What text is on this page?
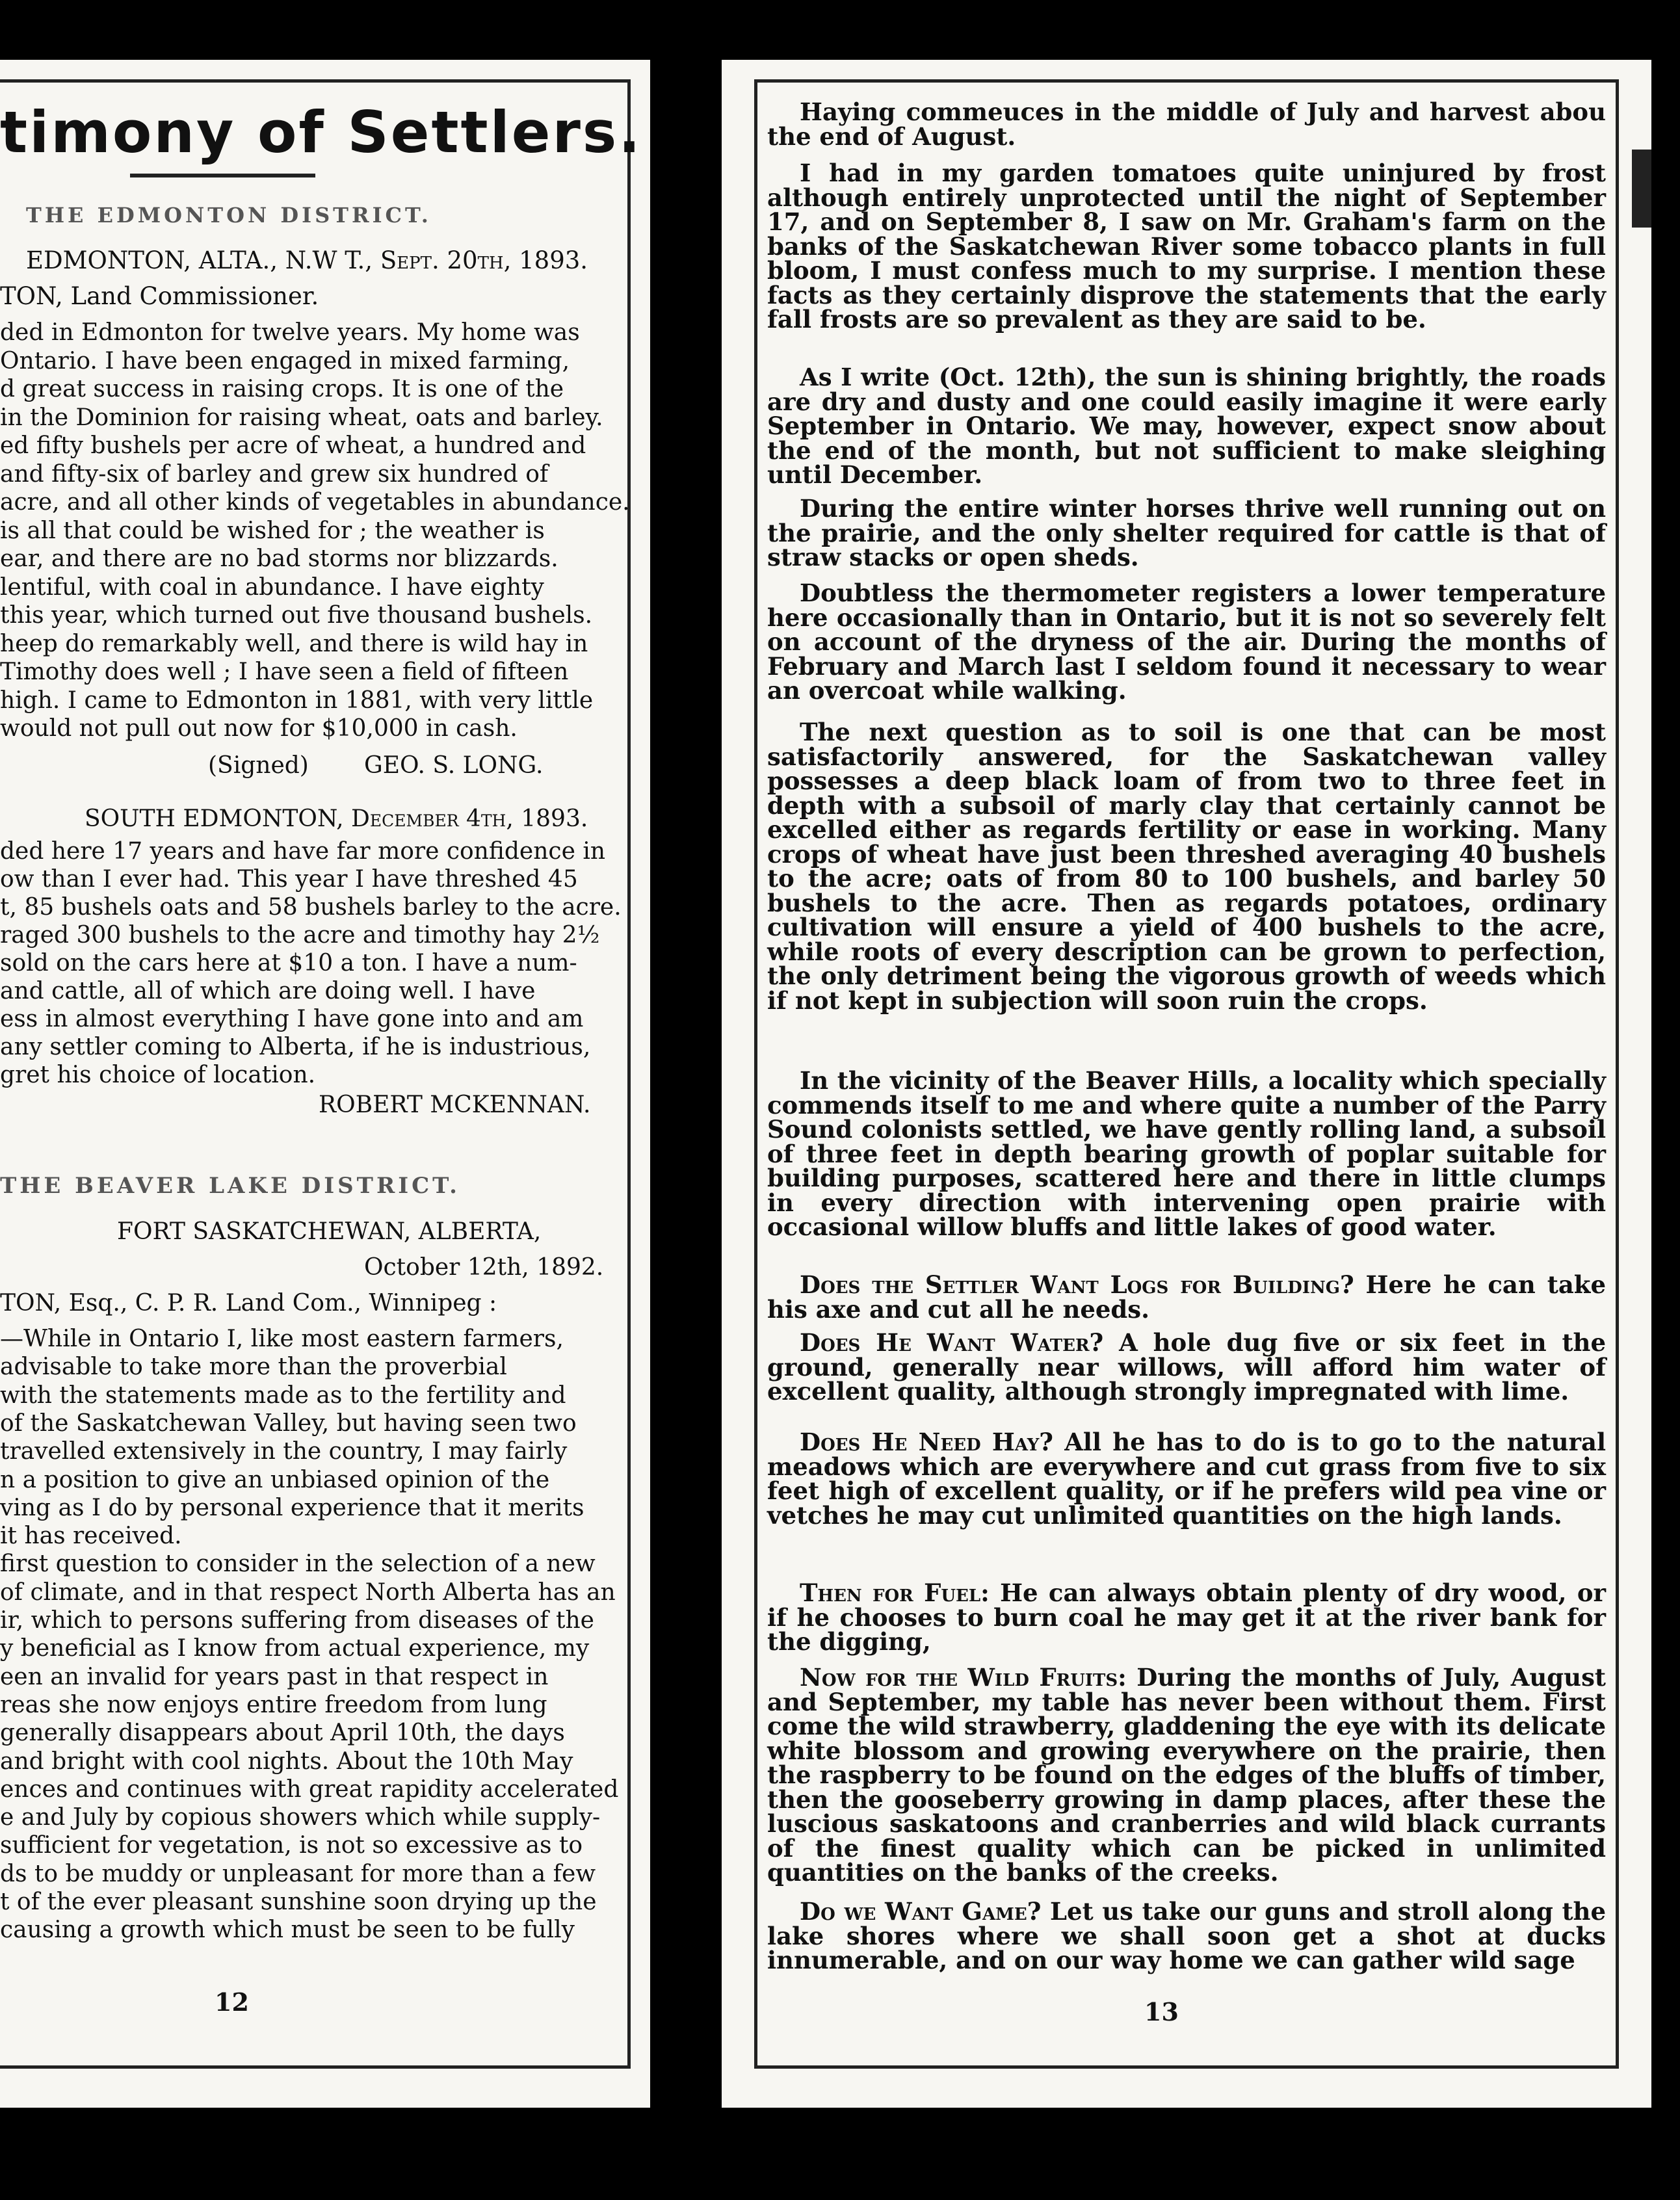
timony of Settlers.
THE EDMONTON DISTRICT.
EDMONTON, ALTA., N.W T., Sept. 20th, 1893.
TON, Land Commissioner.
ded in Edmonton for twelve years. My home was
Ontario. I have been engaged in mixed farming,
d great success in raising crops. It is one of the
in the Dominion for raising wheat, oats and barley.
ed fifty bushels per acre of wheat, a hundred and
and fifty-six of barley and grew six hundred of
acre, and all other kinds of vegetables in abundance.
is all that could be wished for ; the weather is
ear, and there are no bad storms nor blizzards.
lentiful, with coal in abundance. I have eighty
this year, which turned out five thousand bushels.
heep do remarkably well, and there is wild hay in
Timothy does well ; I have seen a field of fifteen
high. I came to Edmonton in 1881, with very little
would not pull out now for $10,000 in cash.
(Signed) GEO. S. LONG.
SOUTH EDMONTON, December 4th, 1893.
ded here 17 years and have far more confidence in
ow than I ever had. This year I have threshed 45
t, 85 bushels oats and 58 bushels barley to the acre.
raged 300 bushels to the acre and timothy hay 2½
sold on the cars here at $10 a ton. I have a num-
and cattle, all of which are doing well. I have
ess in almost everything I have gone into and am
any settler coming to Alberta, if he is industrious,
gret his choice of location.
ROBERT MCKENNAN.
THE BEAVER LAKE DISTRICT.
FORT SASKATCHEWAN, ALBERTA,
October 12th, 1892.
TON, Esq., C. P. R. Land Com., Winnipeg :
—While in Ontario I, like most eastern farmers,
advisable to take more than the proverbial
with the statements made as to the fertility and
of the Saskatchewan Valley, but having seen two
travelled extensively in the country, I may fairly
n a position to give an unbiased opinion of the
ving as I do by personal experience that it merits
it has received.
first question to consider in the selection of a new
of climate, and in that respect North Alberta has an
ir, which to persons suffering from diseases of the
y beneficial as I know from actual experience, my
een an invalid for years past in that respect in
reas she now enjoys entire freedom from lung
generally disappears about April 10th, the days
and bright with cool nights. About the 10th May
ences and continues with great rapidity accelerated
e and July by copious showers which while supply-
sufficient for vegetation, is not so excessive as to
ds to be muddy or unpleasant for more than a few
t of the ever pleasant sunshine soon drying up the
causing a growth which must be seen to be fully
12
Haying commeuces in the middle of July and harvest abou the end of August.
I had in my garden tomatoes quite uninjured by frost although entirely unprotected until the night of September 17, and on September 8, I saw on Mr. Graham's farm on the banks of the Saskatchewan River some tobacco plants in full bloom, I must confess much to my surprise. I mention these facts as they certainly disprove the statements that the early fall frosts are so prevalent as they are said to be.
As I write (Oct. 12th), the sun is shining brightly, the roads are dry and dusty and one could easily imagine it were early September in Ontario. We may, however, expect snow about the end of the month, but not sufficient to make sleighing until December.
During the entire winter horses thrive well running out on the prairie, and the only shelter required for cattle is that of straw stacks or open sheds.
Doubtless the thermometer registers a lower temperature here occasionally than in Ontario, but it is not so severely felt on account of the dryness of the air. During the months of February and March last I seldom found it necessary to wear an overcoat while walking.
The next question as to soil is one that can be most satisfactorily answered, for the Saskatchewan valley possesses a deep black loam of from two to three feet in depth with a subsoil of marly clay that certainly cannot be excelled either as regards fertility or ease in working. Many crops of wheat have just been threshed averaging 40 bushels to the acre; oats of from 80 to 100 bushels, and barley 50 bushels to the acre. Then as regards potatoes, ordinary cultivation will ensure a yield of 400 bushels to the acre, while roots of every description can be grown to perfection, the only detriment being the vigorous growth of weeds which if not kept in subjection will soon ruin the crops.
In the vicinity of the Beaver Hills, a locality which specially commends itself to me and where quite a number of the Parry Sound colonists settled, we have gently rolling land, a subsoil of three feet in depth bearing growth of poplar suitable for building purposes, scattered here and there in little clumps in every direction with intervening open prairie with occasional willow bluffs and little lakes of good water.
Does the Settler Want Logs for Building? Here he can take his axe and cut all he needs.
Does He Want Water? A hole dug five or six feet in the ground, generally near willows, will afford him water of excellent quality, although strongly impregnated with lime.
Does He Need Hay? All he has to do is to go to the natural meadows which are everywhere and cut grass from five to six feet high of excellent quality, or if he prefers wild pea vine or vetches he may cut unlimited quantities on the high lands.
Then for Fuel: He can always obtain plenty of dry wood, or if he chooses to burn coal he may get it at the river bank for the digging,
Now for the Wild Fruits: During the months of July, August and September, my table has never been without them. First come the wild strawberry, gladdening the eye with its delicate white blossom and growing everywhere on the prairie, then the raspberry to be found on the edges of the bluffs of timber, then the gooseberry growing in damp places, after these the luscious saskatoons and cranberries and wild black currants of the finest quality which can be picked in unlimited quantities on the banks of the creeks.
Do we Want Game? Let us take our guns and stroll along the lake shores where we shall soon get a shot at ducks innumerable, and on our way home we can gather wild sage
13
